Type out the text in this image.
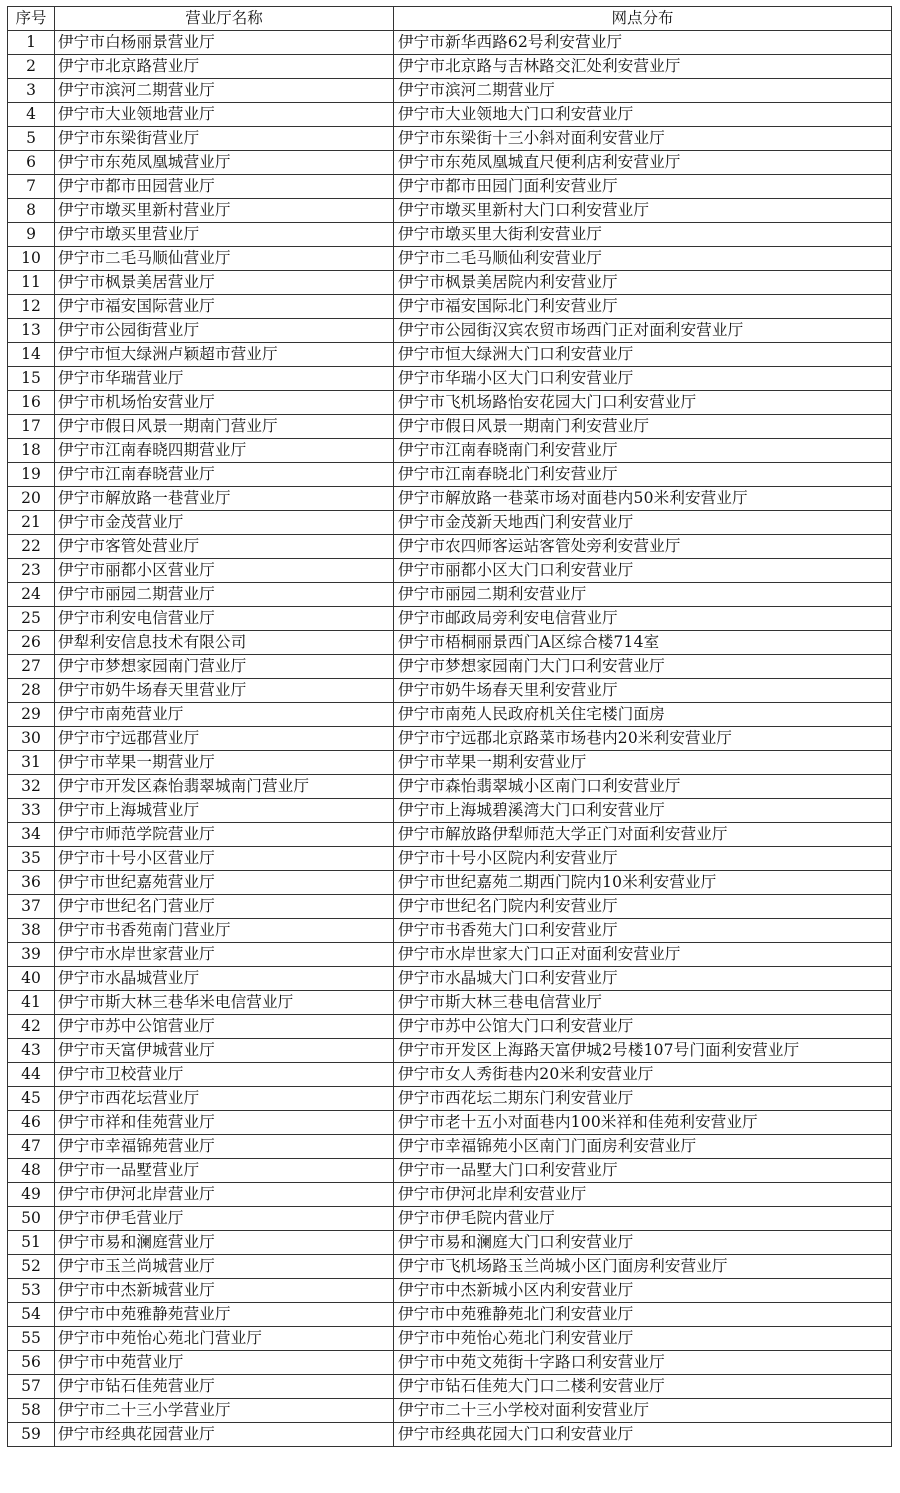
序号	营业厅名称	网点分布
1	伊宁市白杨丽景营业厅	伊宁市新华西路62号利安营业厅
2	伊宁市北京路营业厅	伊宁市北京路与吉林路交汇处利安营业厅
3	伊宁市滨河二期营业厅	伊宁市滨河二期营业厅
4	伊宁市大业领地营业厅	伊宁市大业领地大门口利安营业厅
5	伊宁市东梁街营业厅	伊宁市东梁街十三小斜对面利安营业厅
6	伊宁市东苑凤凰城营业厅	伊宁市东苑凤凰城直尺便利店利安营业厅
7	伊宁市都市田园营业厅	伊宁市都市田园门面利安营业厅
8	伊宁市墩买里新村营业厅	伊宁市墩买里新村大门口利安营业厅
9	伊宁市墩买里营业厅	伊宁市墩买里大街利安营业厅
10	伊宁市二毛马顺仙营业厅	伊宁市二毛马顺仙利安营业厅
11	伊宁市枫景美居营业厅	伊宁市枫景美居院内利安营业厅
12	伊宁市福安国际营业厅	伊宁市福安国际北门利安营业厅
13	伊宁市公园街营业厅	伊宁市公园街汉宾农贸市场西门正对面利安营业厅
14	伊宁市恒大绿洲卢颖超市营业厅	伊宁市恒大绿洲大门口利安营业厅
15	伊宁市华瑞营业厅	伊宁市华瑞小区大门口利安营业厅
16	伊宁市机场怡安营业厅	伊宁市飞机场路怡安花园大门口利安营业厅
17	伊宁市假日风景一期南门营业厅	伊宁市假日风景一期南门利安营业厅
18	伊宁市江南春晓四期营业厅	伊宁市江南春晓南门利安营业厅
19	伊宁市江南春晓营业厅	伊宁市江南春晓北门利安营业厅
20	伊宁市解放路一巷营业厅	伊宁市解放路一巷菜市场对面巷内50米利安营业厅
21	伊宁市金茂营业厅	伊宁市金茂新天地西门利安营业厅
22	伊宁市客管处营业厅	伊宁市农四师客运站客管处旁利安营业厅
23	伊宁市丽都小区营业厅	伊宁市丽都小区大门口利安营业厅
24	伊宁市丽园二期营业厅	伊宁市丽园二期利安营业厅
25	伊宁市利安电信营业厅	伊宁市邮政局旁利安电信营业厅
26	伊犁利安信息技术有限公司	伊宁市梧桐丽景西门A区综合楼714室
27	伊宁市梦想家园南门营业厅	伊宁市梦想家园南门大门口利安营业厅
28	伊宁市奶牛场春天里营业厅	伊宁市奶牛场春天里利安营业厅
29	伊宁市南苑营业厅	伊宁市南苑人民政府机关住宅楼门面房
30	伊宁市宁远郡营业厅	伊宁市宁远郡北京路菜市场巷内20米利安营业厅
31	伊宁市苹果一期营业厅	伊宁市苹果一期利安营业厅
32	伊宁市开发区森怡翡翠城南门营业厅	伊宁市森怡翡翠城小区南门口利安营业厅
33	伊宁市上海城营业厅	伊宁市上海城碧溪湾大门口利安营业厅
34	伊宁市师范学院营业厅	伊宁市解放路伊犁师范大学正门对面利安营业厅
35	伊宁市十号小区营业厅	伊宁市十号小区院内利安营业厅
36	伊宁市世纪嘉苑营业厅	伊宁市世纪嘉苑二期西门院内10米利安营业厅
37	伊宁市世纪名门营业厅	伊宁市世纪名门院内利安营业厅
38	伊宁市书香苑南门营业厅	伊宁市书香苑大门口利安营业厅
39	伊宁市水岸世家营业厅	伊宁市水岸世家大门口正对面利安营业厅
40	伊宁市水晶城营业厅	伊宁市水晶城大门口利安营业厅
41	伊宁市斯大林三巷华米电信营业厅	伊宁市斯大林三巷电信营业厅
42	伊宁市苏中公馆营业厅	伊宁市苏中公馆大门口利安营业厅
43	伊宁市天富伊城营业厅	伊宁市开发区上海路天富伊城2号楼107号门面利安营业厅
44	伊宁市卫校营业厅	伊宁市女人秀街巷内20米利安营业厅
45	伊宁市西花坛营业厅	伊宁市西花坛二期东门利安营业厅
46	伊宁市祥和佳苑营业厅	伊宁市老十五小对面巷内100米祥和佳苑利安营业厅
47	伊宁市幸福锦苑营业厅	伊宁市幸福锦苑小区南门门面房利安营业厅
48	伊宁市一品墅营业厅	伊宁市一品墅大门口利安营业厅
49	伊宁市伊河北岸营业厅	伊宁市伊河北岸利安营业厅
50	伊宁市伊毛营业厅	伊宁市伊毛院内营业厅
51	伊宁市易和澜庭营业厅	伊宁市易和澜庭大门口利安营业厅
52	伊宁市玉兰尚城营业厅	伊宁市飞机场路玉兰尚城小区门面房利安营业厅
53	伊宁市中杰新城营业厅	伊宁市中杰新城小区内利安营业厅
54	伊宁市中苑雅静苑营业厅	伊宁市中苑雅静苑北门利安营业厅
55	伊宁市中苑怡心苑北门营业厅	伊宁市中苑怡心苑北门利安营业厅
56	伊宁市中苑营业厅	伊宁市中苑文苑街十字路口利安营业厅
57	伊宁市钻石佳苑营业厅	伊宁市钻石佳苑大门口二楼利安营业厅
58	伊宁市二十三小学营业厅	伊宁市二十三小学校对面利安营业厅
59	伊宁市经典花园营业厅	伊宁市经典花园大门口利安营业厅
